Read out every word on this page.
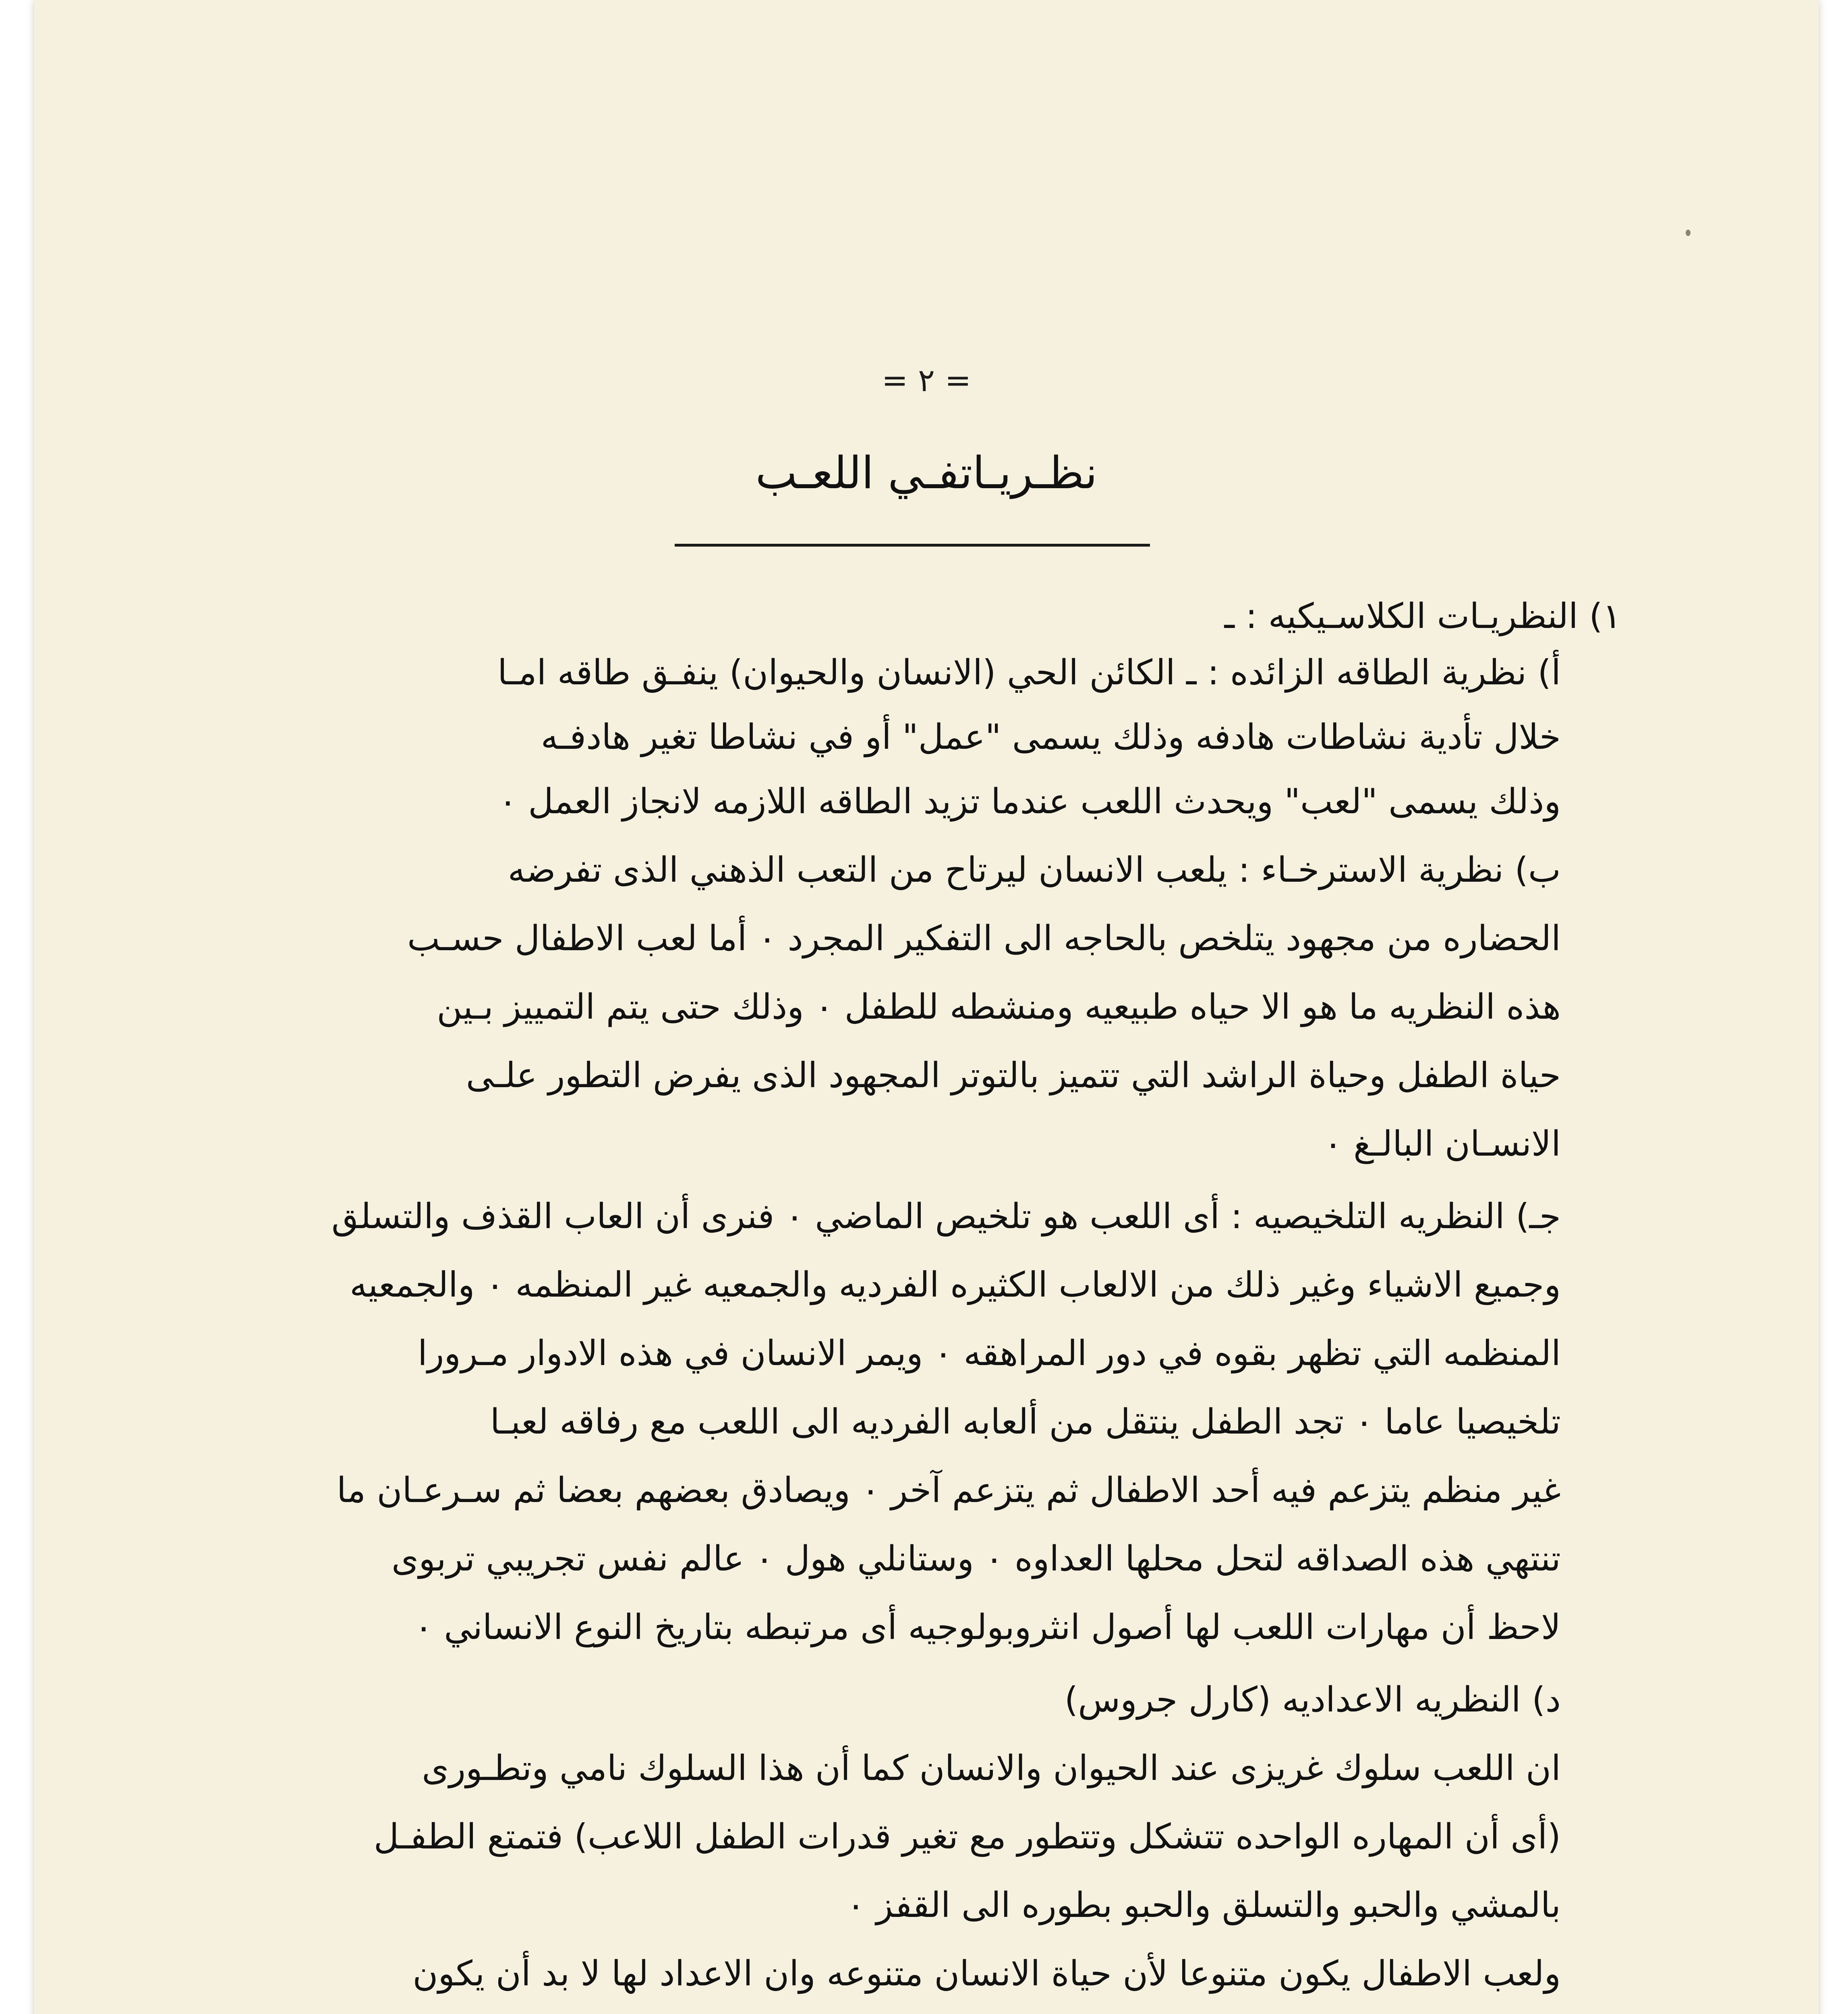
= ٢ =
نظـريـاتفـي اللعـب
١) النظريـات الكلاسـيكيه : ـ
أ) نظرية الطاقه الزائده : ـ الكائن الحي (الانسان والحيوان) ينفـق طاقه امـا
خلال تأدية نشاطات هادفه وذلك يسمى "عمل" أو في نشاطا تغير هادفـه
وذلك يسمى "لعب" ويحدث اللعب عندما تزيد الطاقه اللازمه لانجاز العمل ٠
ب) نظرية الاسترخـاء : يلعب الانسان ليرتاح من التعب الذهني الذى تفرضه
الحضاره من مجهود يتلخص بالحاجه الى التفكير المجرد ٠ أما لعب الاطفال حسـب
هذه النظريه ما هو الا حياه طبيعيه ومنشطه للطفل ٠ وذلك حتى يتم التمييز بـين
حياة الطفل وحياة الراشد التي تتميز بالتوتر المجهود الذى يفرض التطور علـى
الانسـان البالـغ ٠
جـ) النظريه التلخيصيه : أى اللعب هو تلخيص الماضي ٠ فنرى أن العاب القذف والتسلق
وجميع الاشياء وغير ذلك من الالعاب الكثيره الفرديه والجمعيه غير المنظمه ٠ والجمعيه
المنظمه التي تظهر بقوه في دور المراهقه ٠ ويمر الانسان في هذه الادوار مـرورا
تلخيصيا عاما ٠ تجد الطفل ينتقل من ألعابه الفرديه الى اللعب مع رفاقه لعبـا
غير منظم يتزعم فيه أحد الاطفال ثم يتزعم آخر ٠ ويصادق بعضهم بعضا ثم سـرعـان ما
تنتهي هذه الصداقه لتحل محلها العداوه ٠ وستانلي هول ٠ عالم نفس تجريبي تربوى
لاحظ أن مهارات اللعب لها أصول انثروبولوجيه أى مرتبطه بتاريخ النوع الانساني ٠
د) النظريه الاعداديه (كارل جروس)
ان اللعب سلوك غريزى عند الحيوان والانسان كما أن هذا السلوك نامي وتطـورى
(أى أن المهاره الواحده تتشكل وتتطور مع تغير قدرات الطفل اللاعب) فتمتع الطفـل
بالمشي والحبو والتسلق والحبو بطوره الى القفز ٠
ولعب الاطفال يكون متنوعا لأن حياة الانسان متنوعه وان الاعداد لها لا بد أن يكون
